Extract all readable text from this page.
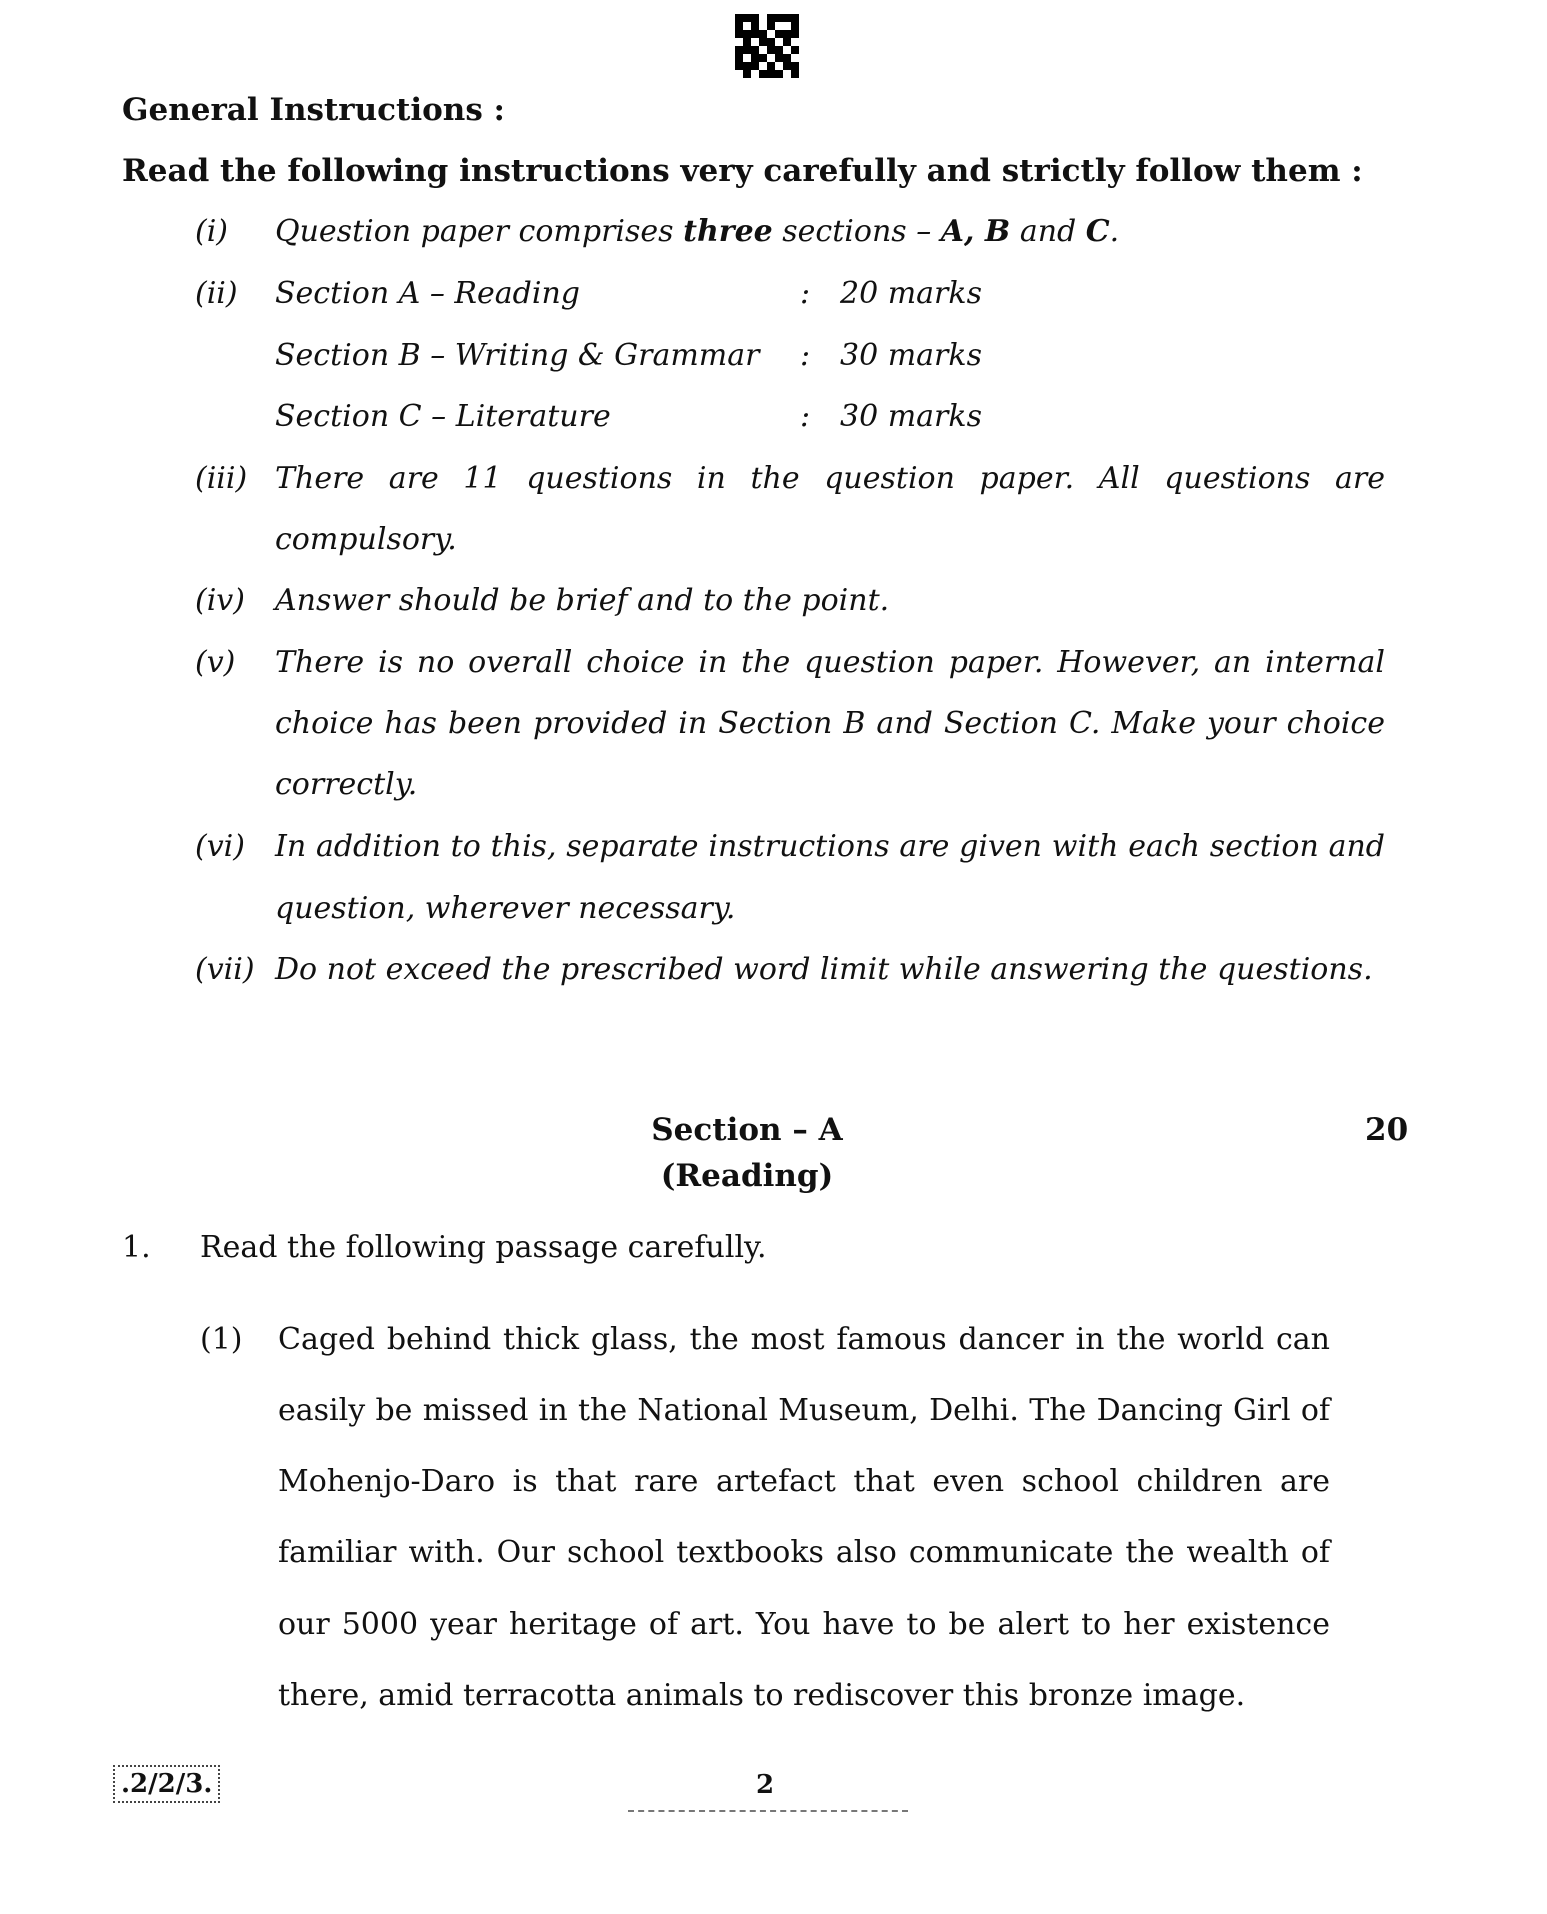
General Instructions :
Read the following instructions very carefully and strictly follow them :
(i) Question paper comprises three sections – A, B and C.
(ii) Section A – Reading	: 20 marks
Section B – Writing & Grammar : 30 marks
Section C – Literature	: 30 marks
(iii) There are 11 questions in the question paper. All questions are
compulsory.
(iv) Answer should be brief and to the point.
(v) There is no overall choice in the question paper. However, an internal
choice has been provided in Section B and Section C. Make your choice
correctly.
(vi) In addition to this, separate instructions are given with each section and
question, wherever necessary.
(vii) Do not exceed the prescribed word limit while answering the questions.
Section – A
(Reading)
20
1. Read the following passage carefully.
(1) Caged behind thick glass, the most famous dancer in the world can
easily be missed in the National Museum, Delhi. The Dancing Girl of
Mohenjo-Daro is that rare artefact that even school children are
familiar with. Our school textbooks also communicate the wealth of
our 5000 year heritage of art. You have to be alert to her existence
there, amid terracotta animals to rediscover this bronze image.
.2/2/3.	2
